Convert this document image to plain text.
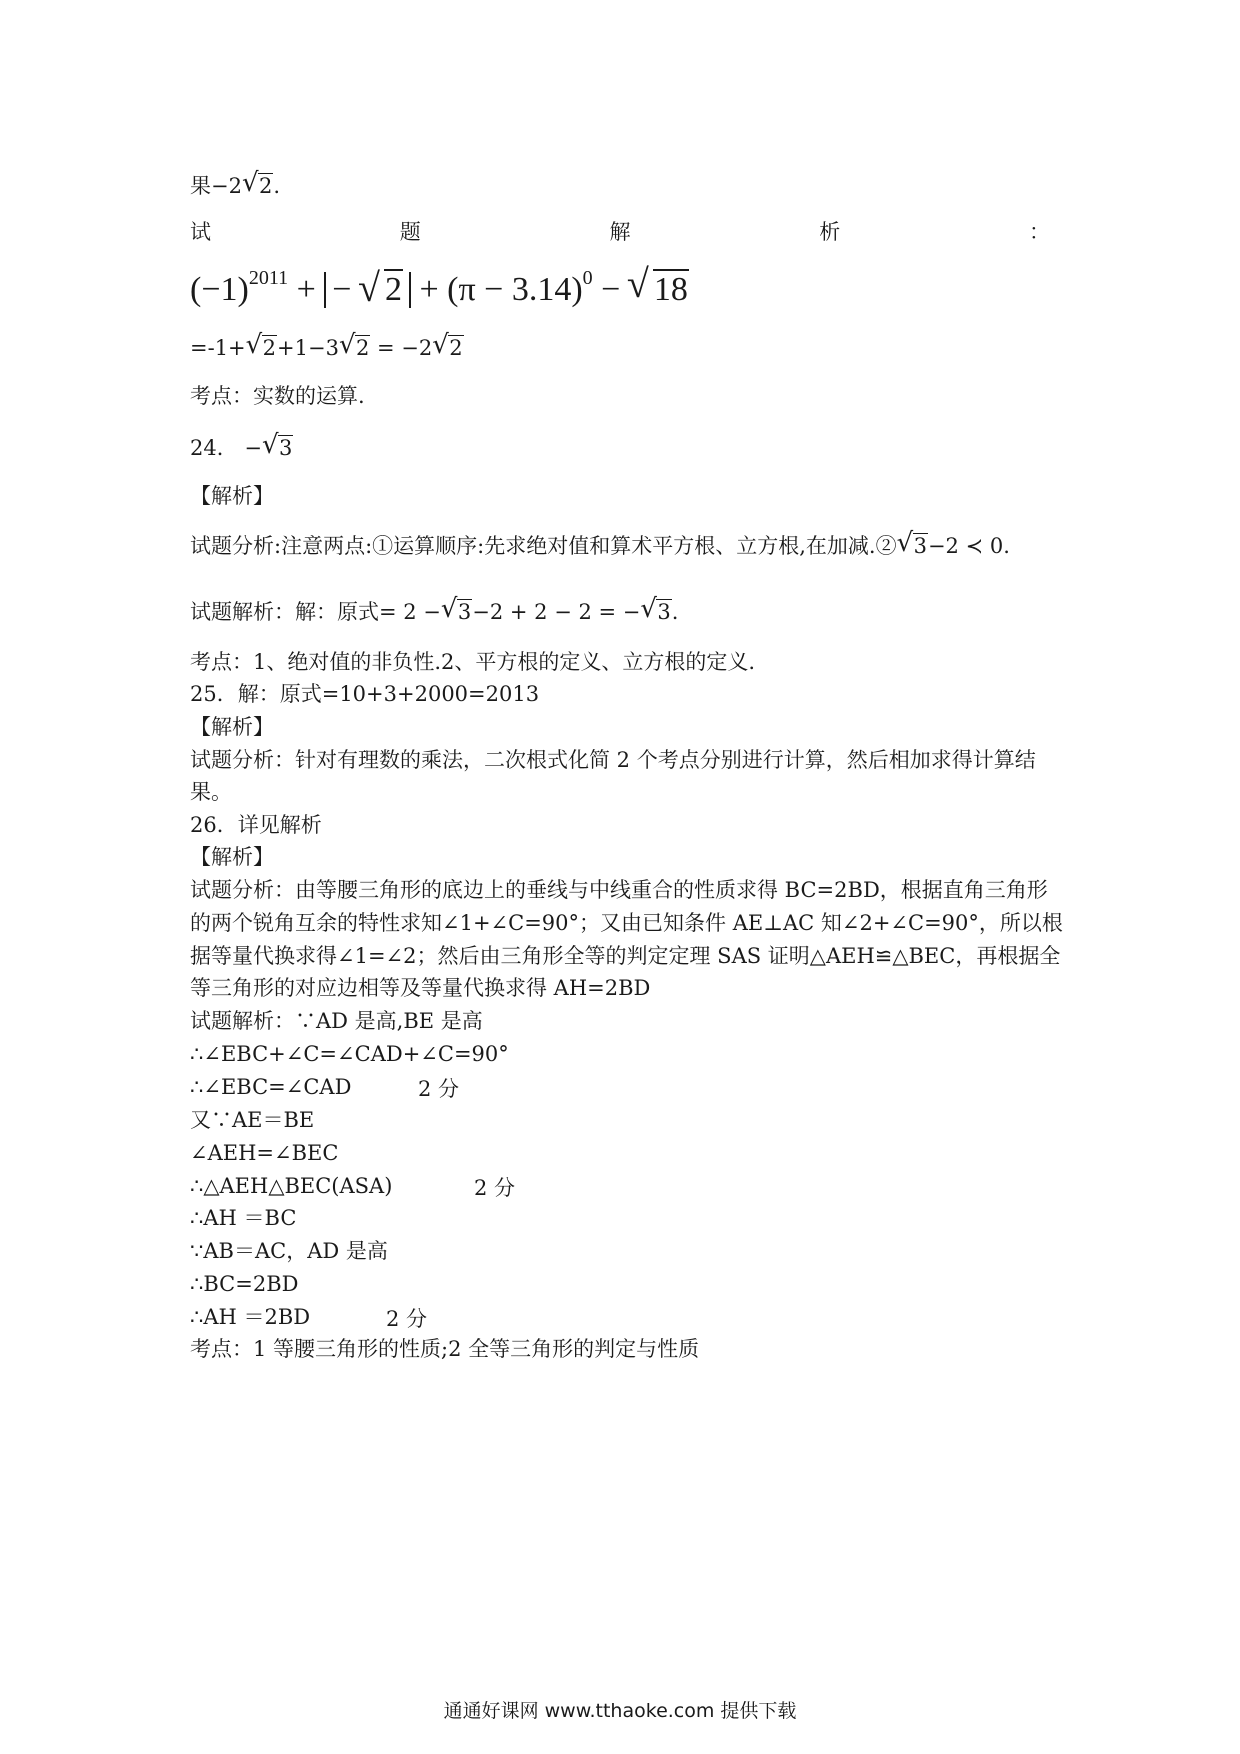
果−2 √ 2.
试	题	解	析	：
$(-1)^{2011}$ + − √ $2 + (\pi - 3.14)^0$ − √ 18
=-1+ √ 2+1−3 √ 2 = −2 √ 2
考点：实数的运算.
24． − √ 3
【解析】
试题分析:注意两点:①运算顺序:先求绝对值和算术平方根、立方根,在加减.② √ 3−2 ≺ 0.
试题解析：解：原式= 2 − √ 3−2 + 2 − 2 = − √ 3.
考点：1、绝对值的非负性.2、平方根的定义、立方根的定义.
25．解：原式=10+3+2000=2013
【解析】
试题分析：针对有理数的乘法，二次根式化简 2 个考点分别进行计算，然后相加求得计算结
果。
26．详见解析
【解析】
试题分析：由等腰三角形的底边上的垂线与中线重合的性质求得 BC=2BD，根据直角三角形
的两个锐角互余的特性求知∠1+∠C=90°；又由已知条件 AE⊥AC 知∠2+∠C=90°，所以根
据等量代换求得∠1=∠2；然后由三角形全等的判定定理 SAS 证明△AEH≌△BEC，再根据全
等三角形的对应边相等及等量代换求得 AH=2BD
试题解析：∵AD 是高,BE 是高
∴∠EBC+∠C=∠CAD+∠C=90°
∴∠EBC=∠CAD	2 分
又∵AE＝BE
∠AEH=∠BEC
∴△AEH△BEC(ASA)	2 分
∴AH ＝BC
∵AB＝AC，AD 是高
∴BC=2BD
∴AH ＝2BD	2 分
考点：1 等腰三角形的性质;2 全等三角形的判定与性质
通通好课网 www.tthaoke.com 提供下载
